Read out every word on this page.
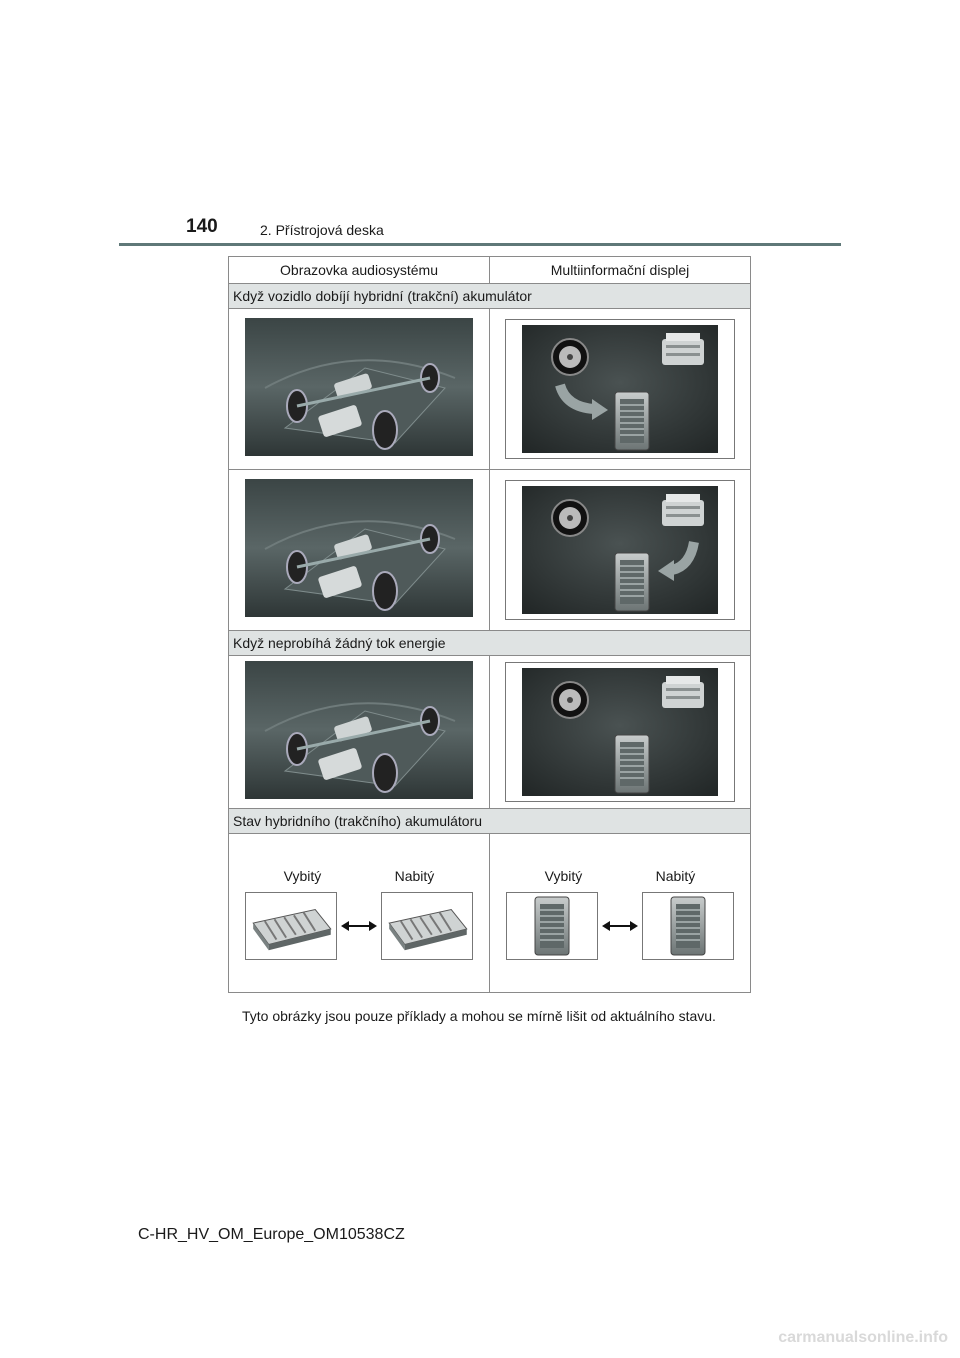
140	2. Přístrojová deska
Obrazovka audiosystému	Multiinformační displej
Když vozidlo dobíjí hybridní (trakční) akumulátor	

Když neprobíhá žádný tok energie	

Stav hybridního (trakčního) akumulátoru	

Vybitý Nabitý	Vybitý Nabitý
Tyto obrázky jsou pouze příklady a mohou se mírně lišit od aktuálního stavu.
C-HR_HV_OM_Europe_OM10538CZ
carmanualsonline.info
